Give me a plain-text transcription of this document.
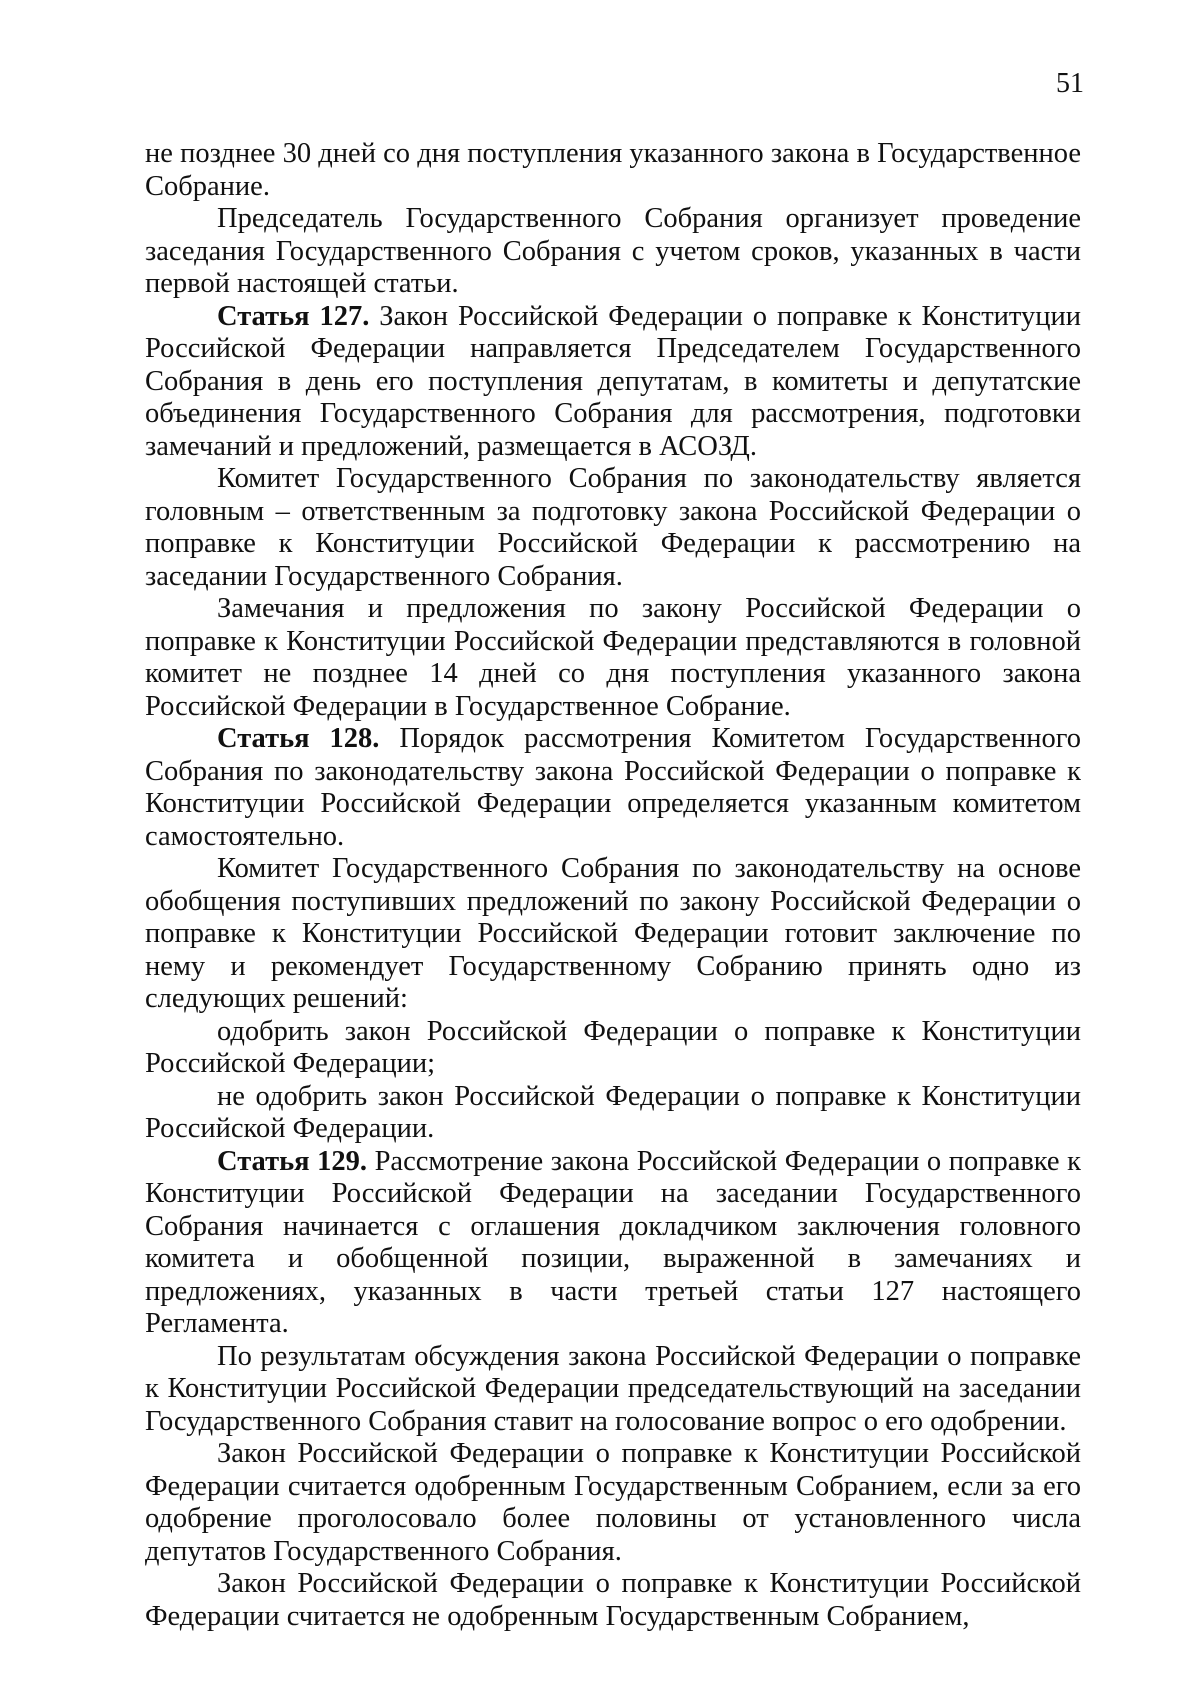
51

не позднее 30 дней со дня поступления указанного закона в Государственное Собрание.

Председатель Государственного Собрания организует проведение заседания Государственного Собрания с учетом сроков, указанных в части первой настоящей статьи.

Статья 127. Закон Российской Федерации о поправке к Конституции Российской Федерации направляется Председателем Государственного Собрания в день его поступления депутатам, в комитеты и депутатские объединения Государственного Собрания для рассмотрения, подготовки замечаний и предложений, размещается в АСОЗД.

Комитет Государственного Собрания по законодательству является головным – ответственным за подготовку закона Российской Федерации о поправке к Конституции Российской Федерации к рассмотрению на заседании Государственного Собрания.

Замечания и предложения по закону Российской Федерации о поправке к Конституции Российской Федерации представляются в головной комитет не позднее 14 дней со дня поступления указанного закона Российской Федерации в Государственное Собрание.

Статья 128. Порядок рассмотрения Комитетом Государственного Собрания по законодательству закона Российской Федерации о поправке к Конституции Российской Федерации определяется указанным комитетом самостоятельно.

Комитет Государственного Собрания по законодательству на основе обобщения поступивших предложений по закону Российской Федерации о поправке к Конституции Российской Федерации готовит заключение по нему и рекомендует Государственному Собранию принять одно из следующих решений:

одобрить закон Российской Федерации о поправке к Конституции Российской Федерации;

не одобрить закон Российской Федерации о поправке к Конституции Российской Федерации.

Статья 129. Рассмотрение закона Российской Федерации о поправке к Конституции Российской Федерации на заседании Государственного Собрания начинается с оглашения докладчиком заключения головного комитета и обобщенной позиции, выраженной в замечаниях и предложениях, указанных в части третьей статьи 127 настоящего Регламента.

По результатам обсуждения закона Российской Федерации о поправке к Конституции Российской Федерации председательствующий на заседании Государственного Собрания ставит на голосование вопрос о его одобрении.

Закон Российской Федерации о поправке к Конституции Российской Федерации считается одобренным Государственным Собранием, если за его одобрение проголосовало более половины от установленного числа депутатов Государственного Собрания.

Закон Российской Федерации о поправке к Конституции Российской Федерации считается не одобренным Государственным Собранием,
